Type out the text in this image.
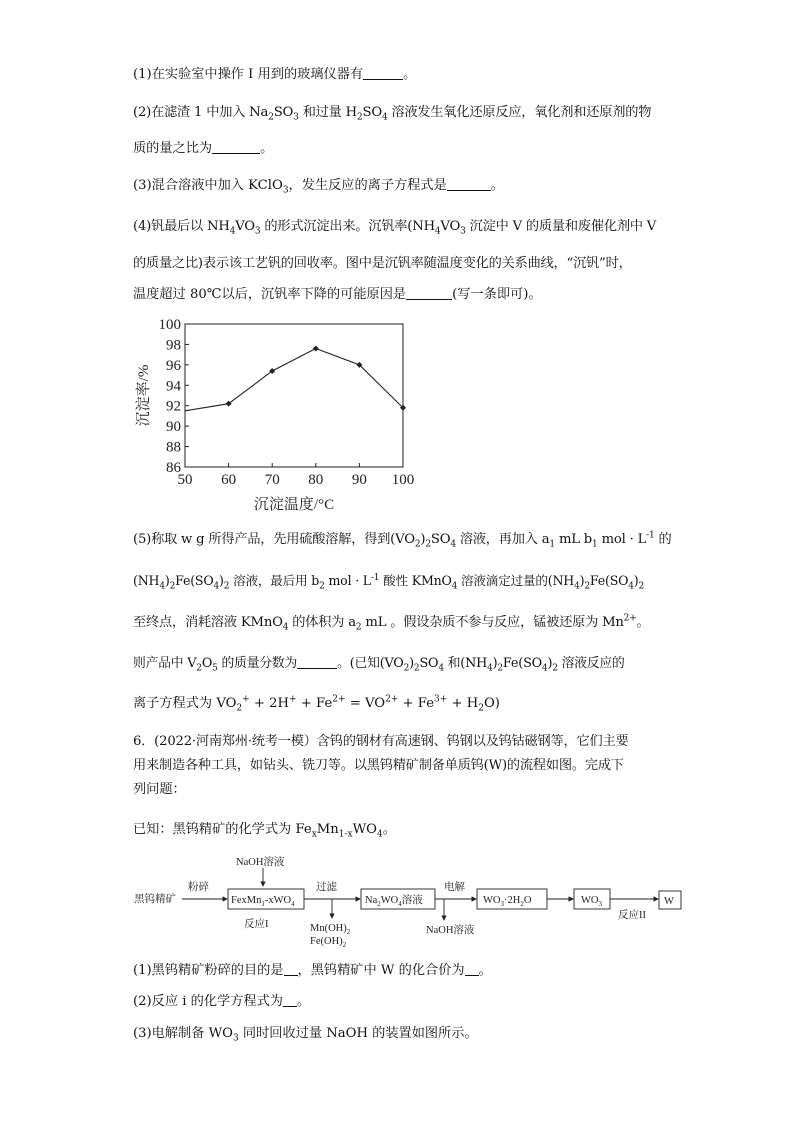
(1)在实验室中操作 I 用到的玻璃仪器有	。
(2)在滤渣 1 中加入 $Na_2SO_3$ 和过量 $H_2SO_4$ 溶液发生氧化还原反应，氧化剂和还原剂的物
质的量之比为	。
(3)混合溶液中加入 KClO$_3$，发生反应的离子方程式是	。
(4)钒最后以 $NH_4VO_3$ 的形式沉淀出来。沉钒率($NH_4VO_3$ 沉淀中 V 的质量和废催化剂中 V
的质量之比)表示该工艺钒的回收率。图中是沉钒率随温度变化的关系曲线，“沉钒”时，
温度超过 80℃以后，沉钒率下降的可能原因是	(写一条即可)。
86
88
90
92
94
96
98
100
50 60 70 80 90 100
沉淀温度/°C
沉淀率/%
(5)称取 w g 所得产品，先用硫酸溶解，得到$(VO_2)_2SO_4$ 溶液，再加入 $a_1$ mL $b_1$ mol · $L^{-1}$ 的
$(NH_4)_2Fe(SO_4)_2$ 溶液，最后用 $b_2$ mol · $L^{-1}$ 酸性 KMnO$_4$ 溶液滴定过量的$(NH_4)_2Fe(SO_4)_2$
至终点，消耗溶液 KMnO$_4$ 的体积为 $a_2$ mL 。假设杂质不参与反应，锰被还原为 $Mn^{2+}$。
则产品中 $V_2O_5$ 的质量分数为	。(已知$(VO_2)_2SO_4$ 和$(NH_4)_2Fe(SO_4)_2$ 溶液反应的
离子方程式为 $VO_2^+ + 2H^+ + Fe^{2+} = VO^{2+} + Fe^{3+} + H_2O$)
6．(2022·河南郑州·统考一模）含钨的钢材有高速钢、钨钢以及钨钴磁钢等，它们主要
用来制造各种工具，如钻头、铣刀等。以黑钨精矿制备单质钨(W)的流程如图。完成下
列问题：
已知：黑钨精矿的化学式为 $Fe_xMn_{1-x}WO_4$。
黑钨精矿
粉碎
NaOH溶液
FexMn$_1$-xWO$_4$
反应I
过滤
$Mn(OH)_2$
$Fe(OH)_2$
$Na_2WO_4$溶液
电解
NaOH溶液
$WO_3\cdot 2H_2O$	$WO_3$
反应II
W
(1)黑钨精矿粉碎的目的是 ，黑钨精矿中 W 的化合价为 。
(2)反应 i 的化学方程式为 。
(3)电解制备 $WO_3$ 同时回收过量 NaOH 的装置如图所示。
